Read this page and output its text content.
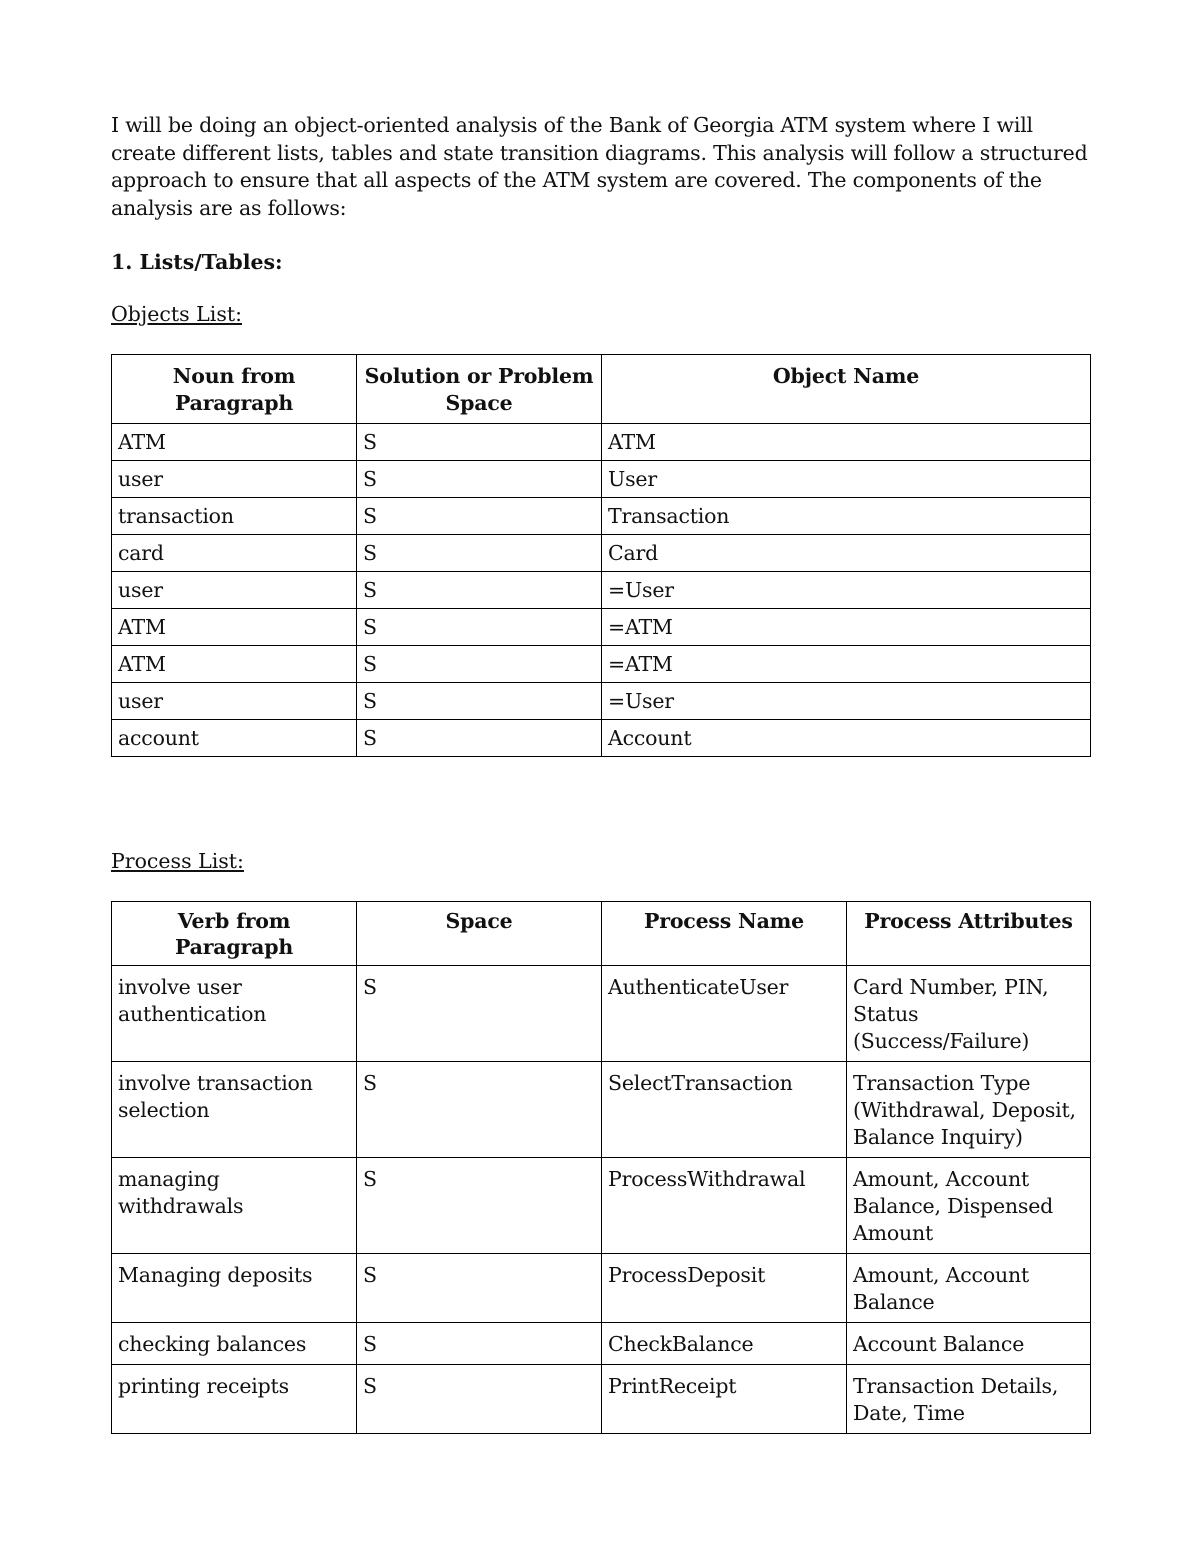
I will be doing an object-oriented analysis of the Bank of Georgia ATM system where I will create different lists, tables and state transition diagrams. This analysis will follow a structured approach to ensure that all aspects of the ATM system are covered. The components of the analysis are as follows:

1. Lists/Tables:

Objects List:

Noun from Paragraph	Solution or Problem Space	Object Name
ATM	S	ATM
user	S	User
transaction	S	Transaction
card	S	Card
user	S	=User
ATM	S	=ATM
ATM	S	=ATM
user	S	=User
account	S	Account

Process List:

Verb from Paragraph	Space	Process Name	Process Attributes
involve user authentication	S	AuthenticateUser	Card Number, PIN, Status (Success/Failure)
involve transaction selection	S	SelectTransaction	Transaction Type (Withdrawal, Deposit, Balance Inquiry)
managing withdrawals	S	ProcessWithdrawal	Amount, Account Balance, Dispensed Amount
Managing deposits	S	ProcessDeposit	Amount, Account Balance
checking balances	S	CheckBalance	Account Balance
printing receipts	S	PrintReceipt	Transaction Details, Date, Time
